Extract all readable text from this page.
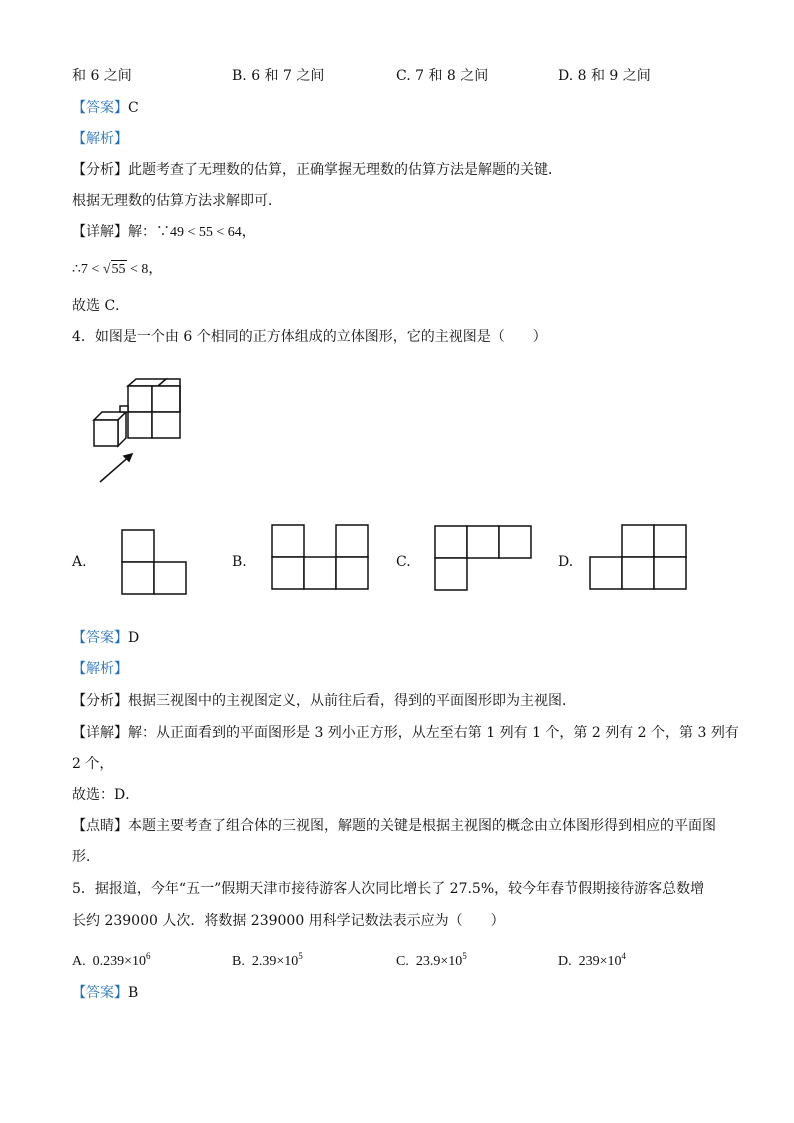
和 6 之间	B. 6 和 7 之间	C. 7 和 8 之间	D. 8 和 9 之间
【答案】C
【解析】
【分析】此题考查了无理数的估算，正确掌握无理数的估算方法是解题的关键．
根据无理数的估算方法求解即可．
【详解】解：∵49 < 55 < 64，
∴7 < √55 < 8，
故选 C．
4．如图是一个由 6 个相同的正方体组成的立体图形，它的主视图是（　　）
A.	B.	C.	D.
【答案】D
【解析】
【分析】根据三视图中的主视图定义，从前往后看，得到的平面图形即为主视图．
【详解】解：从正面看到的平面图形是 3 列小正方形，从左至右第 1 列有 1 个，第 2 列有 2 个，第 3 列有
2 个，
故选：D．
【点睛】本题主要考查了组合体的三视图，解题的关键是根据主视图的概念由立体图形得到相应的平面图
形．
5．据报道，今年“五一”假期天津市接待游客人次同比增长了 27.5%，较今年春节假期接待游客总数增
长约 239000 人次．将数据 239000 用科学记数法表示应为（　　）
A. $0.239\times 10^6$	B. $2.39\times 10^5$	C. $23.9\times 10^5$	D. $239\times 10^4$
【答案】B
